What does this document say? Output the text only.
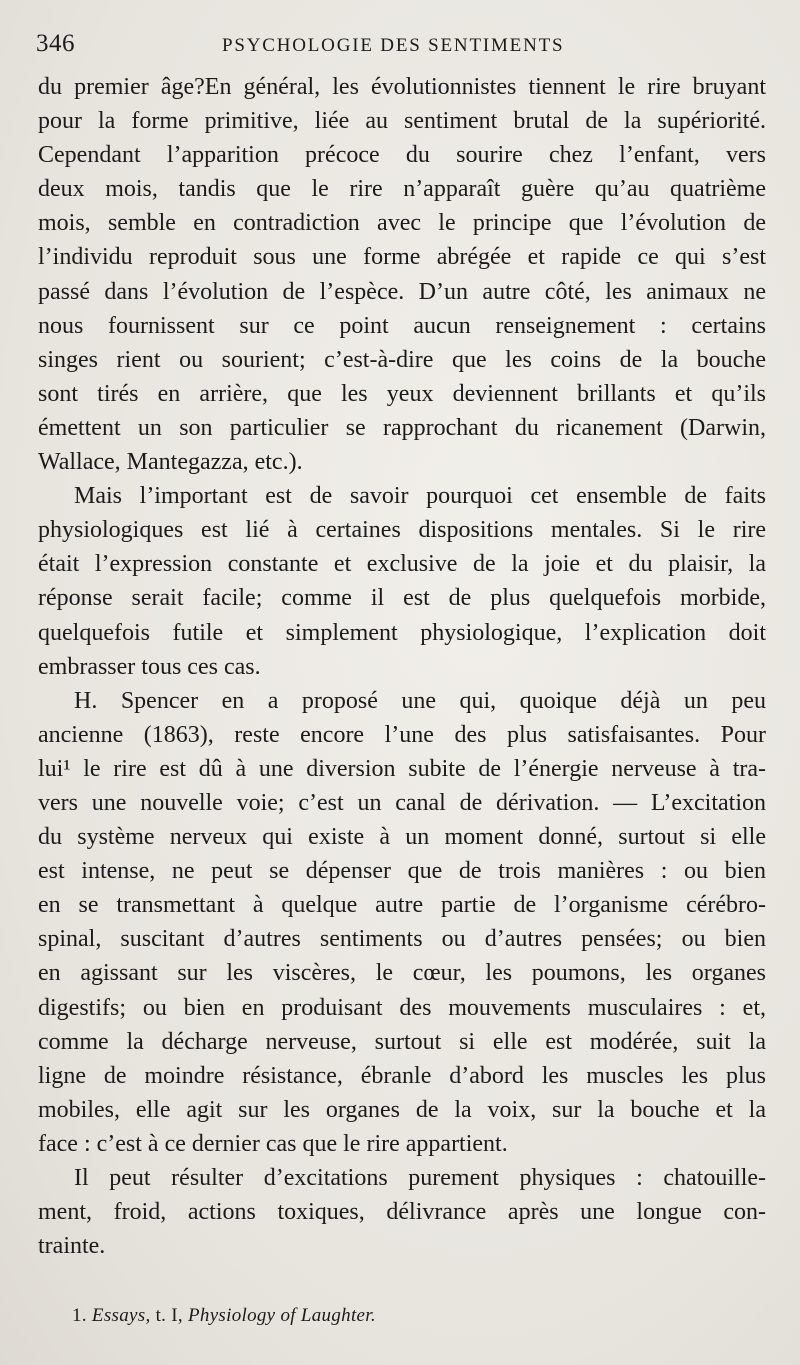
346	PSYCHOLOGIE DES SENTIMENTS
du premier âge?En général, les évolutionnistes tiennent le rire bruyant
pour la forme primitive, liée au sentiment brutal de la supériorité.
Cependant l’apparition précoce du sourire chez l’enfant, vers
deux mois, tandis que le rire n’apparaît guère qu’au quatrième
mois, semble en contradiction avec le principe que l’évolution de
l’individu reproduit sous une forme abrégée et rapide ce qui s’est
passé dans l’évolution de l’espèce. D’un autre côté, les animaux ne
nous fournissent sur ce point aucun renseignement : certains
singes rient ou sourient; c’est-à-dire que les coins de la bouche
sont tirés en arrière, que les yeux deviennent brillants et qu’ils
émettent un son particulier se rapprochant du ricanement (Darwin,
Wallace, Mantegazza, etc.).
Mais l’important est de savoir pourquoi cet ensemble de faits
physiologiques est lié à certaines dispositions mentales. Si le rire
était l’expression constante et exclusive de la joie et du plaisir, la
réponse serait facile; comme il est de plus quelquefois morbide,
quelquefois futile et simplement physiologique, l’explication doit
embrasser tous ces cas.
H. Spencer en a proposé une qui, quoique déjà un peu
ancienne (1863), reste encore l’une des plus satisfaisantes. Pour
lui¹ le rire est dû à une diversion subite de l’énergie nerveuse à tra-
vers une nouvelle voie; c’est un canal de dérivation. — L’excitation
du système nerveux qui existe à un moment donné, surtout si elle
est intense, ne peut se dépenser que de trois manières : ou bien
en se transmettant à quelque autre partie de l’organisme cérébro-
spinal, suscitant d’autres sentiments ou d’autres pensées; ou bien
en agissant sur les viscères, le cœur, les poumons, les organes
digestifs; ou bien en produisant des mouvements musculaires : et,
comme la décharge nerveuse, surtout si elle est modérée, suit la
ligne de moindre résistance, ébranle d’abord les muscles les plus
mobiles, elle agit sur les organes de la voix, sur la bouche et la
face : c’est à ce dernier cas que le rire appartient.
Il peut résulter d’excitations purement physiques : chatouille-
ment, froid, actions toxiques, délivrance après une longue con-
trainte.
1. Essays, t. I, Physiology of Laughter.
